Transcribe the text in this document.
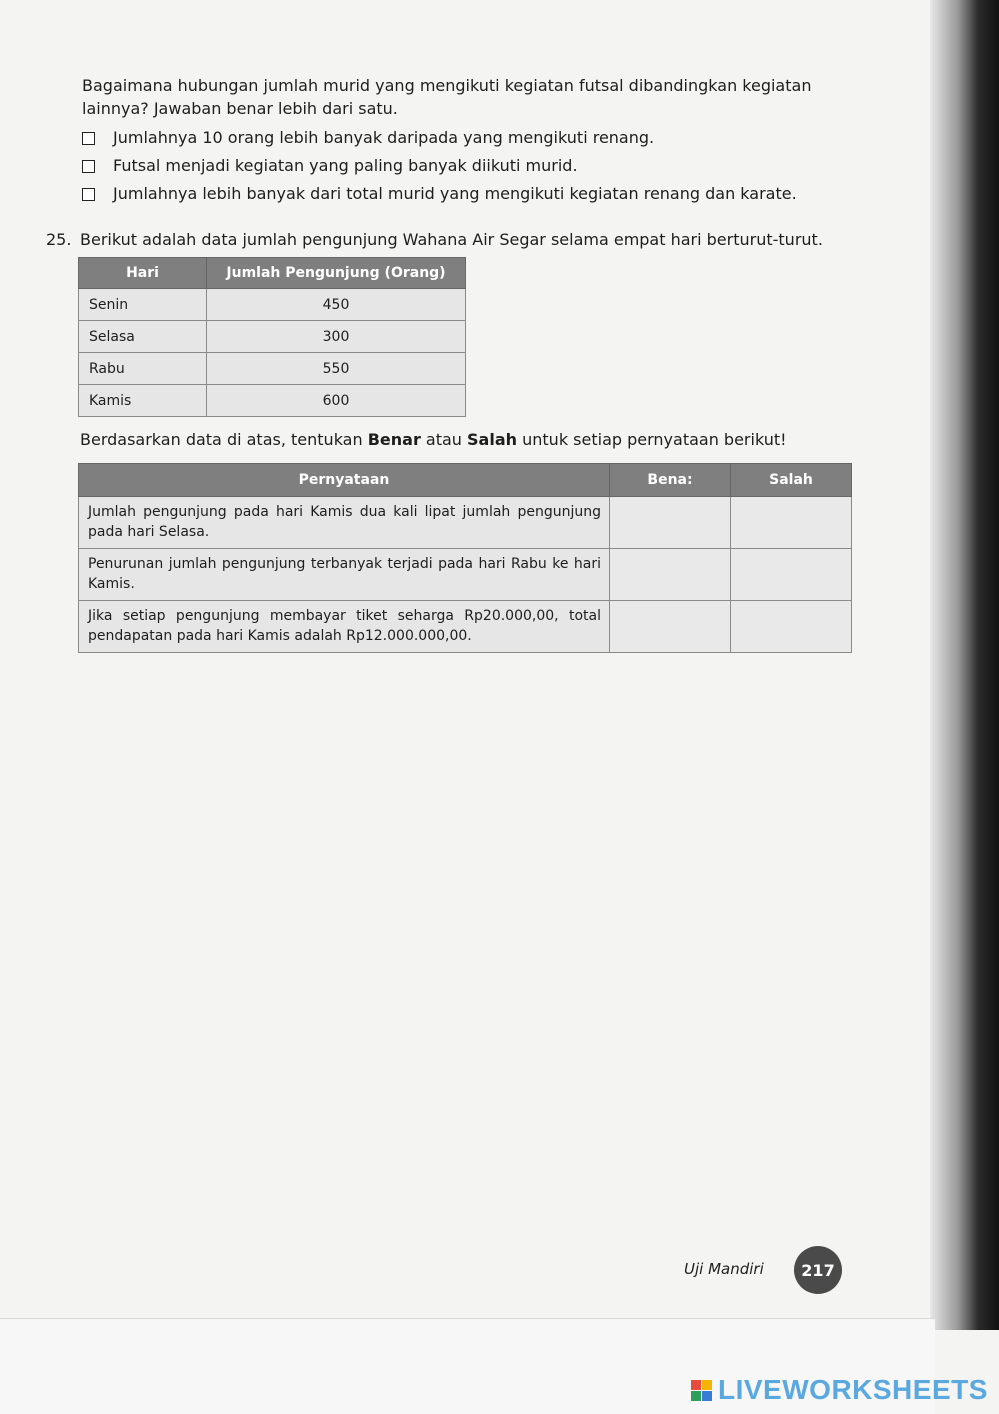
Bagaimana hubungan jumlah murid yang mengikuti kegiatan futsal dibandingkan kegiatan lainnya? Jawaban benar lebih dari satu.
Jumlahnya 10 orang lebih banyak daripada yang mengikuti renang.
Futsal menjadi kegiatan yang paling banyak diikuti murid.
Jumlahnya lebih banyak dari total murid yang mengikuti kegiatan renang dan karate.
25. Berikut adalah data jumlah pengunjung Wahana Air Segar selama empat hari berturut-turut.
Hari	Jumlah Pengunjung (Orang)
Senin	450
Selasa	300
Rabu	550
Kamis	600
Berdasarkan data di atas, tentukan Benar atau Salah untuk setiap pernyataan berikut!
Pernyataan	Bena:	Salah
Jumlah pengunjung pada hari Kamis dua kali lipat jumlah pengunjung pada hari Selasa.		
Penurunan jumlah pengunjung terbanyak terjadi pada hari Rabu ke hari Kamis.		
Jika setiap pengunjung membayar tiket seharga Rp20.000,00, total pendapatan pada hari Kamis adalah Rp12.000.000,00.		
Uji Mandiri	217
LIVEWORKSHEETS
